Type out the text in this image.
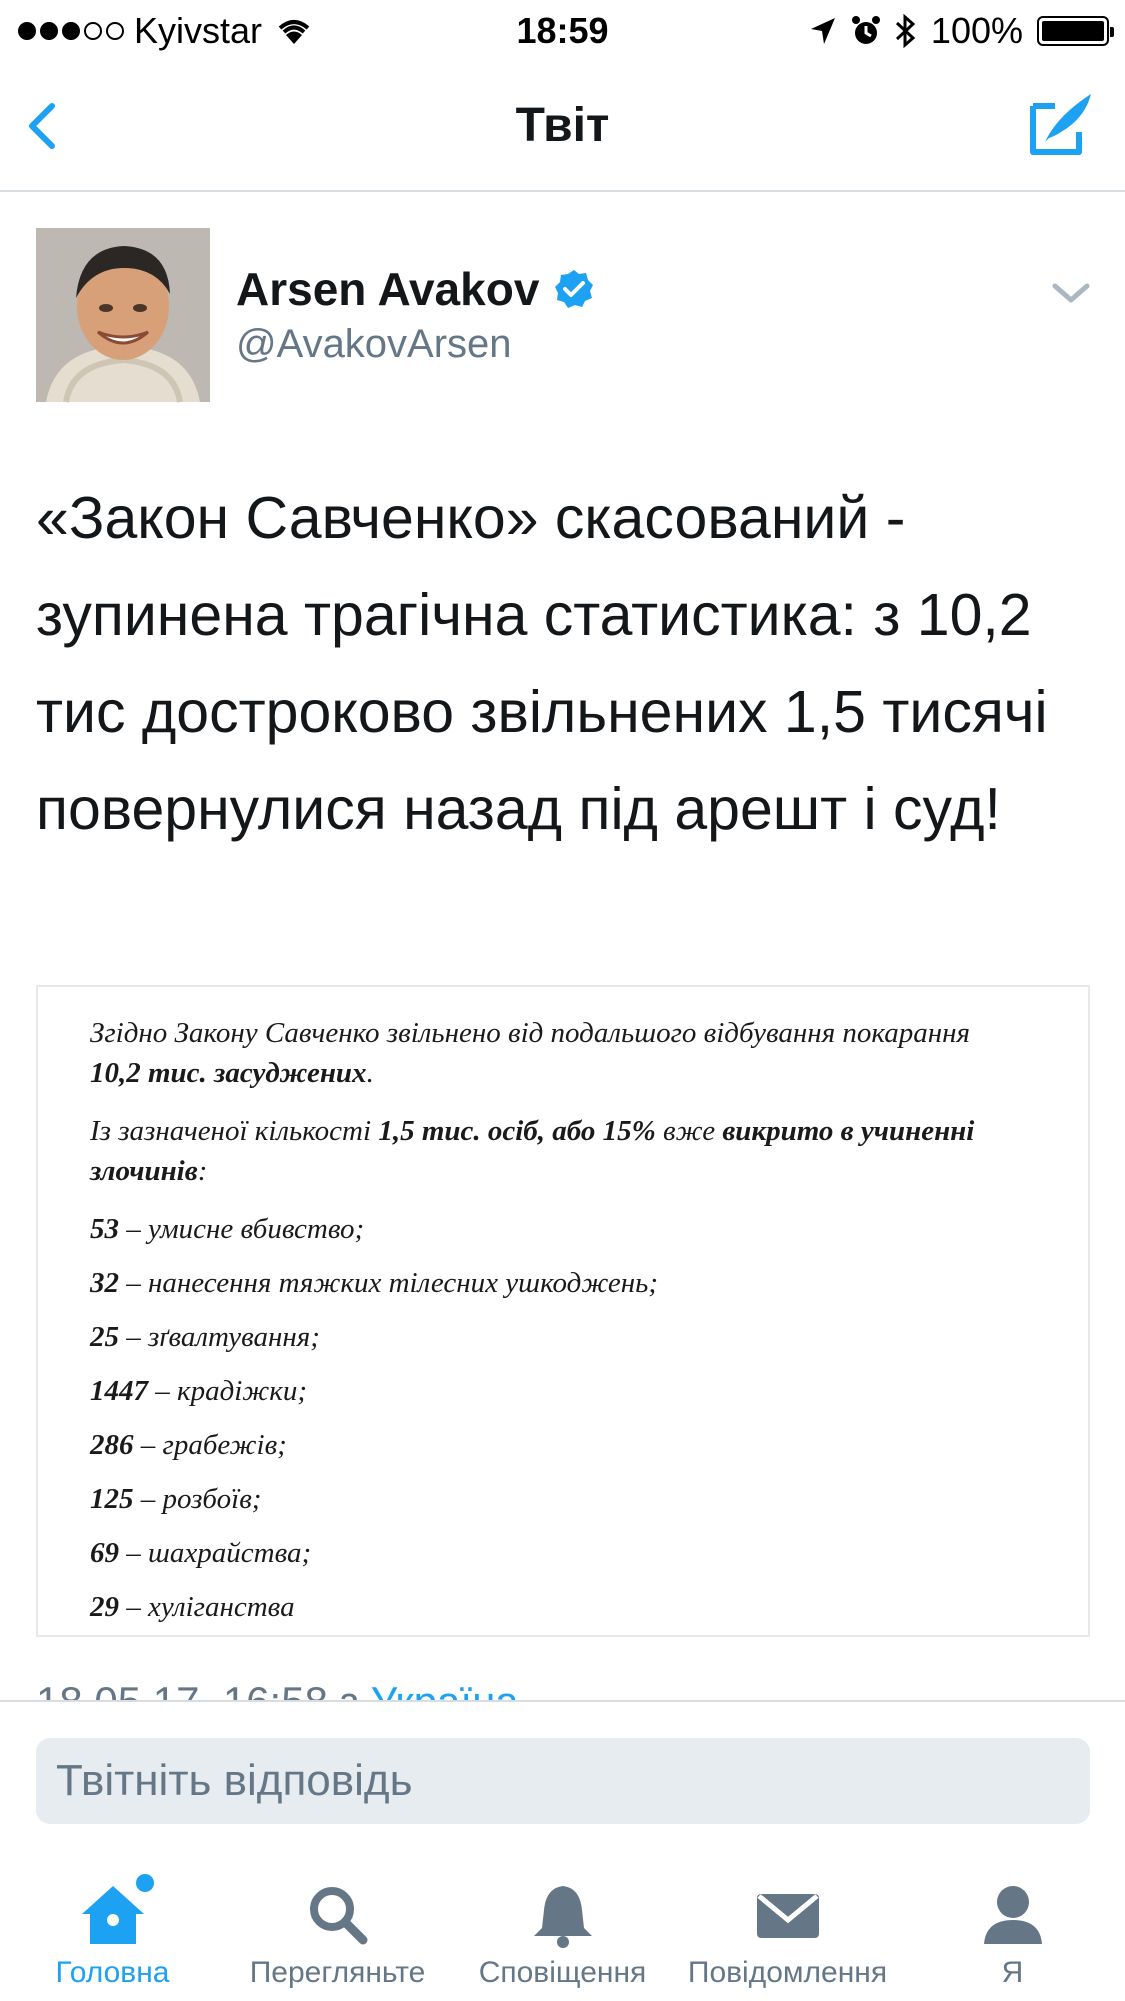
Kyivstar	18:59	100%
Твіт
Arsen Avakov
@AvakovArsen
«Закон Савченко» скасований - зупинена трагічна статистика: з 10,2 тис достроково звільнених 1,5 тисячі повернулися назад під арешт і суд!
Згідно Закону Савченко звільнено від подальшого відбування покарання 10,2 тис. засуджених.
Із зазначеної кількості 1,5 тис. осіб, або 15% вже викрито в учиненні злочинів:
53 – умисне вбивство;
32 – нанесення тяжких тілесних ушкоджень;
25 – зґвалтування;
1447 – крадіжки;
286 – грабежів;
125 – розбоїв;
69 – шахрайства;
29 – хуліганства
Твітніть відповідь
Головна	Перегляньте Сповіщення Повідомлення	Я
